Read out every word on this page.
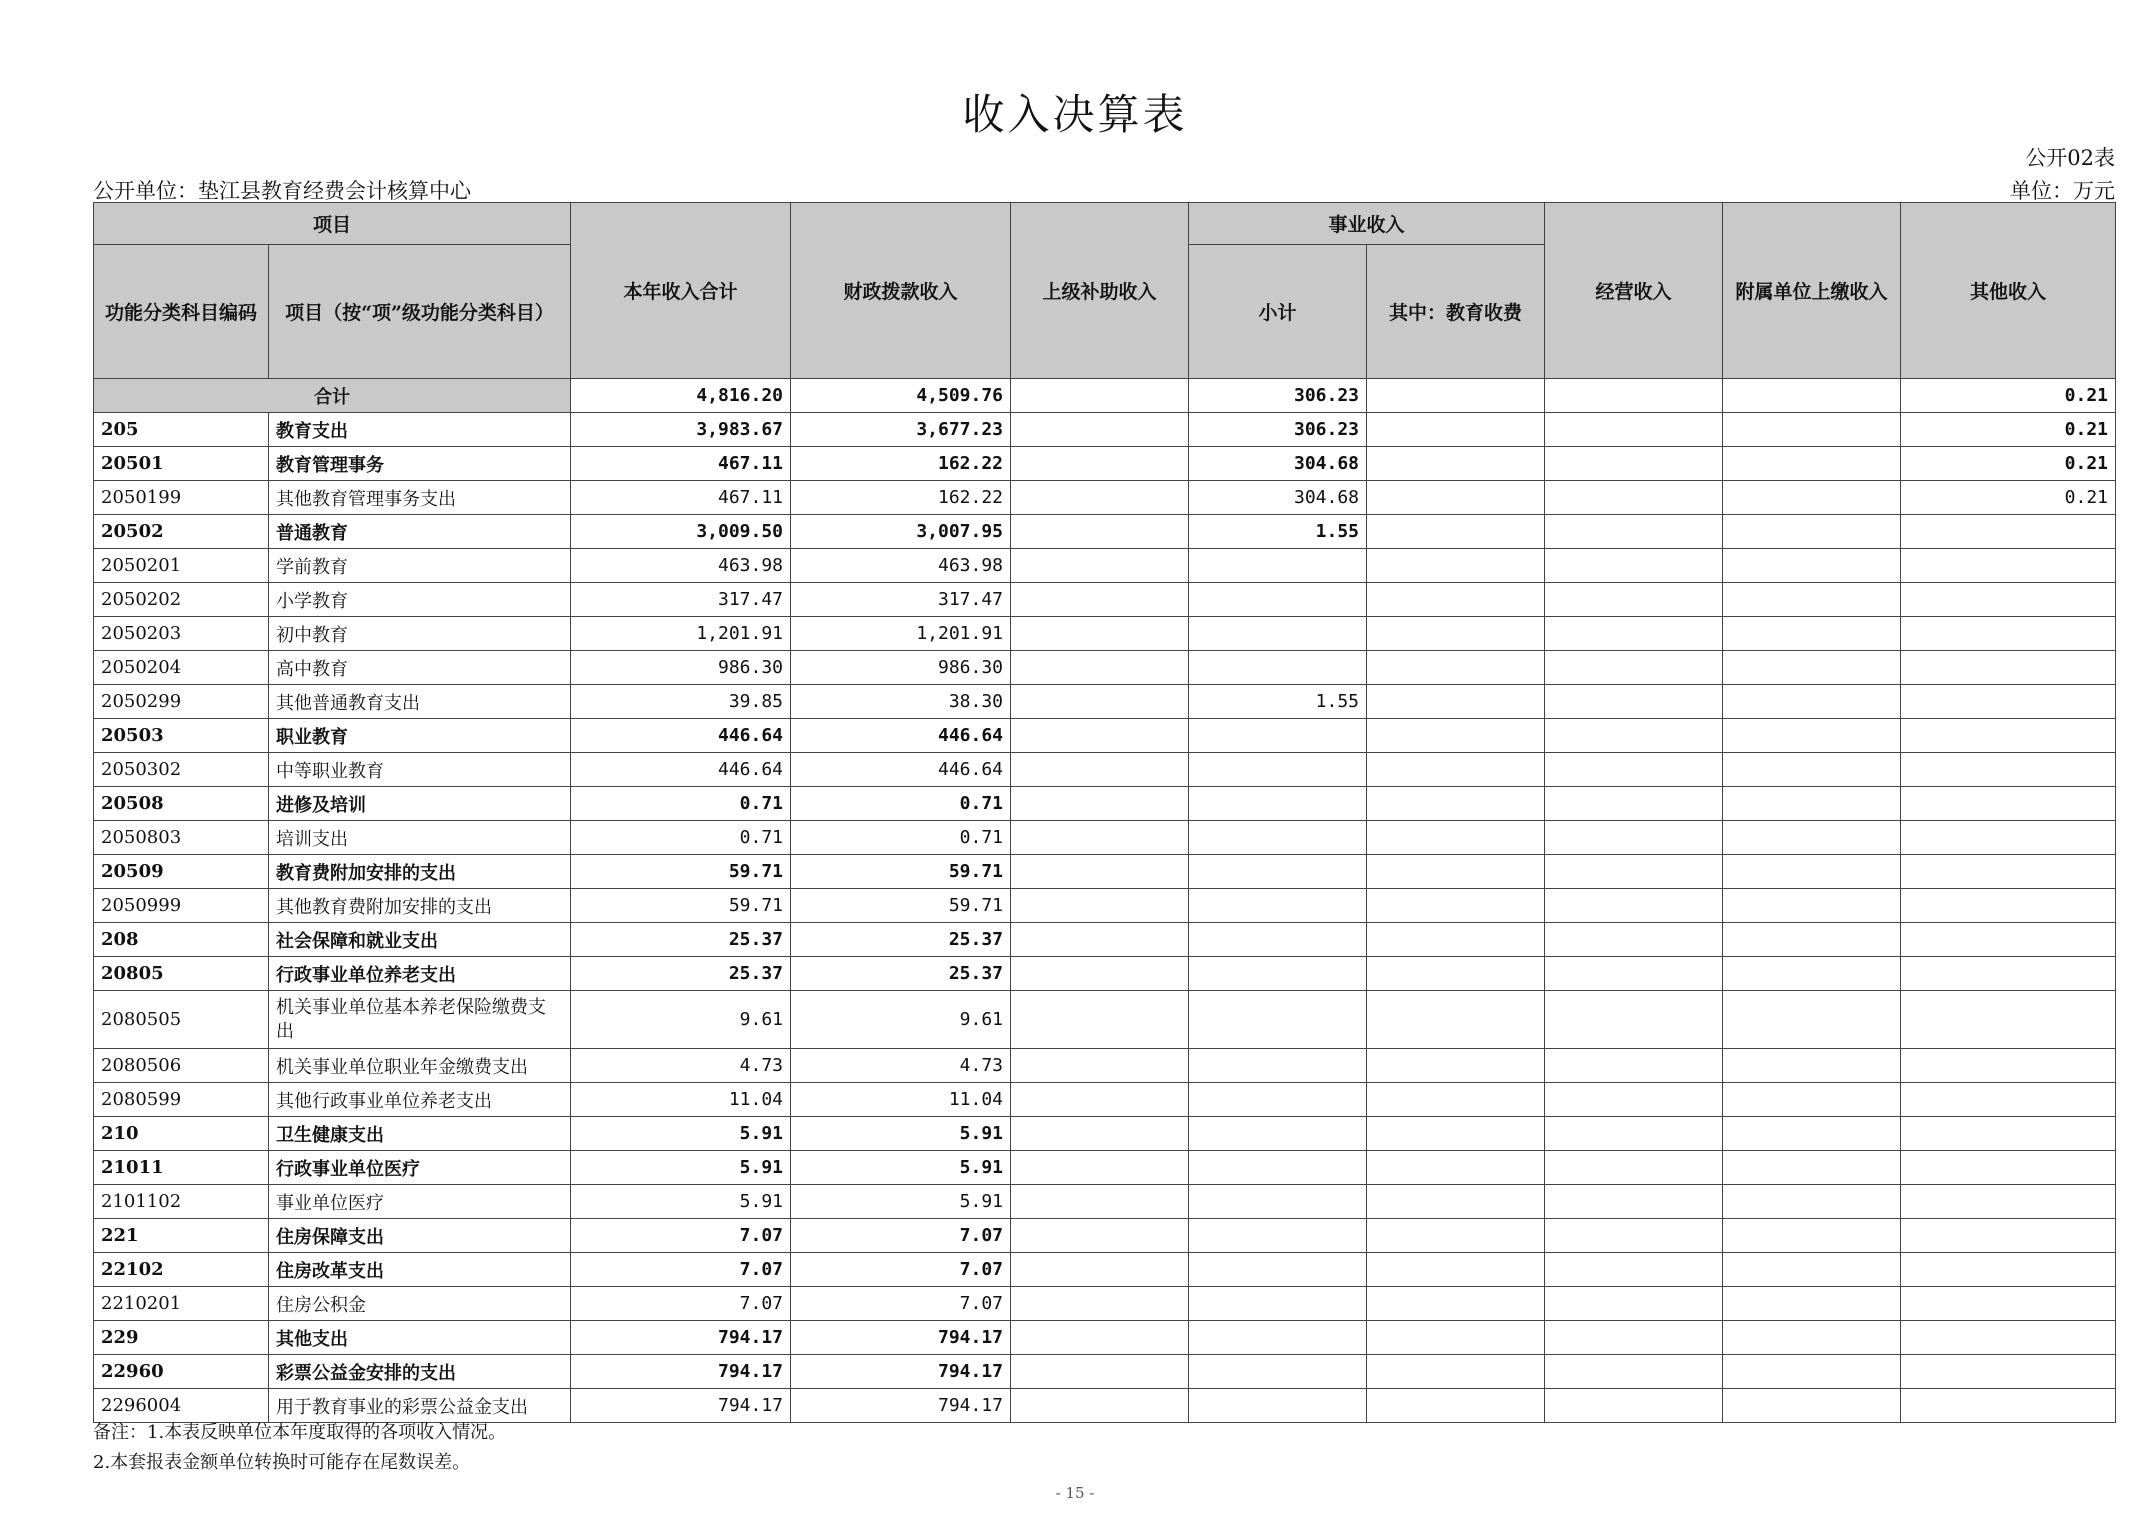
收入决算表
公开02表
公开单位：垫江县教育经费会计核算中心	单位：万元
项目		本年收入合计	财政拨款收入	上级补助收入	事业收入		经营收入	附属单位上缴收入	其他收入
功能分类科目编码	项目（按“项”级功能分类科目）				小计	其中：教育收费			

合计		4,816.20	4,509.76		306.23				0.21
205	教育支出	3,983.67	3,677.23		306.23				0.21
20501	教育管理事务	467.11	162.22		304.68				0.21
2050199	其他教育管理事务支出	467.11	162.22		304.68				0.21
20502	普通教育	3,009.50	3,007.95		1.55				
2050201	学前教育	463.98	463.98						
2050202	小学教育	317.47	317.47						
2050203	初中教育	1,201.91	1,201.91						
2050204	高中教育	986.30	986.30						
2050299	其他普通教育支出	39.85	38.30		1.55				
20503	职业教育	446.64	446.64						
2050302	中等职业教育	446.64	446.64						
20508	进修及培训	0.71	0.71						
2050803	培训支出	0.71	0.71						
20509	教育费附加安排的支出	59.71	59.71						
2050999	其他教育费附加安排的支出	59.71	59.71						
208	社会保障和就业支出	25.37	25.37						
20805	行政事业单位养老支出	25.37	25.37						
2080505	机关事业单位基本养老保险缴费支出	9.61	9.61						
2080506	机关事业单位职业年金缴费支出	4.73	4.73						
2080599	其他行政事业单位养老支出	11.04	11.04						
210	卫生健康支出	5.91	5.91						
21011	行政事业单位医疗	5.91	5.91						
2101102	事业单位医疗	5.91	5.91						
221	住房保障支出	7.07	7.07						
22102	住房改革支出	7.07	7.07						
2210201	住房公积金	7.07	7.07						
229	其他支出	794.17	794.17						
22960	彩票公益金安排的支出	794.17	794.17						
2296004	用于教育事业的彩票公益金支出	794.17	794.17						
备注：1.本表反映单位本年度取得的各项收入情况。
2.本套报表金额单位转换时可能存在尾数误差。
- 15 -
